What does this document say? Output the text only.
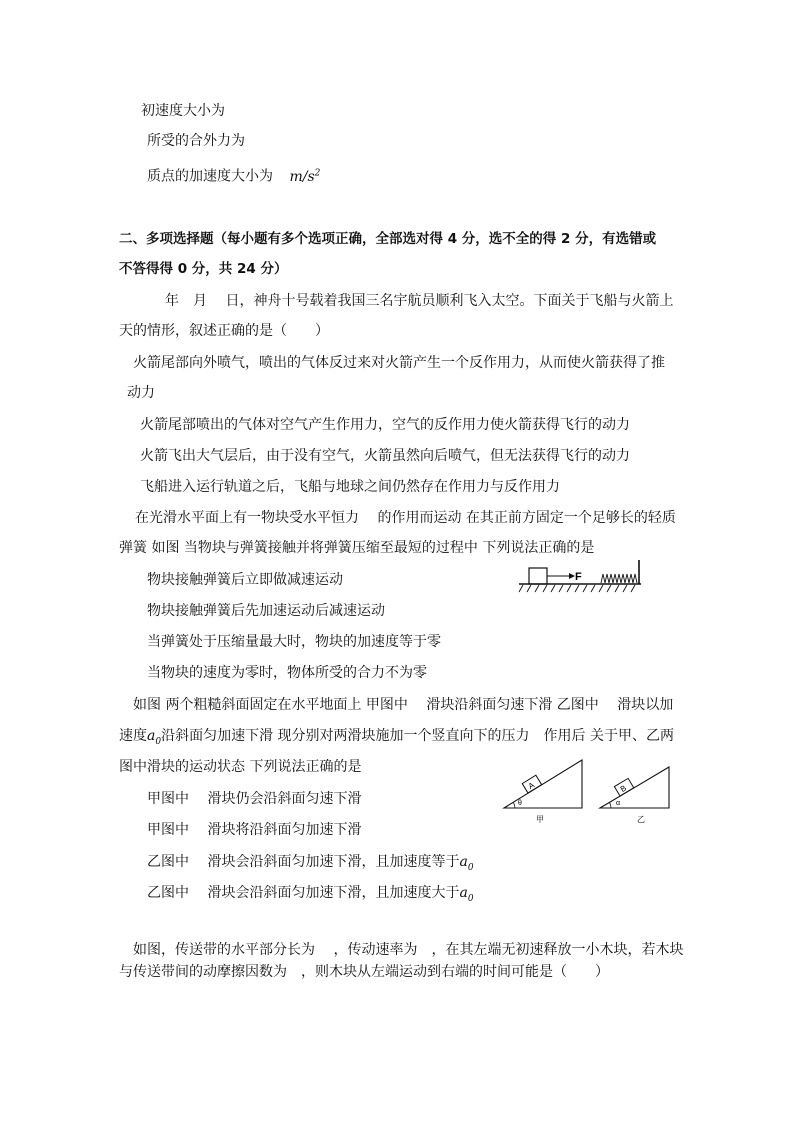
初速度大小为
所受的合外力为
质点的加速度大小为 $m/s^2$
二、多项选择题（每小题有多个选项正确，全部选对得 4 分，选不全的得 2 分，有选错或
不答得得 0 分，共 24 分）
年　月　 日，神舟十号载着我国三名宇航员顺利飞入太空。下面关于飞船与火箭上
天的情形，叙述正确的是（　　）
火箭尾部向外喷气，喷出的气体反过来对火箭产生一个反作用力，从而使火箭获得了推
动力
火箭尾部喷出的气体对空气产生作用力，空气的反作用力使火箭获得飞行的动力
火箭飞出大气层后，由于没有空气，火箭虽然向后喷气，但无法获得飞行的动力
飞船进入运行轨道之后，飞船与地球之间仍然存在作用力与反作用力
在光滑水平面上有一物块受水平恒力　 的作用而运动 在其正前方固定一个足够长的轻质
弹簧 如图 当物块与弹簧接触并将弹簧压缩至最短的过程中 下列说法正确的是
物块接触弹簧后立即做减速运动
物块接触弹簧后先加速运动后减速运动
当弹簧处于压缩量最大时，物块的加速度等于零
当物块的速度为零时，物体所受的合力不为零
F
如图 两个粗糙斜面固定在水平地面上 甲图中　 滑块沿斜面匀速下滑 乙图中　 滑块以加
速度$a_0$沿斜面匀加速下滑 现分别对两滑块施加一个竖直向下的压力　作用后 关于甲、乙两
图中滑块的运动状态 下列说法正确的是
甲图中　 滑块仍会沿斜面匀速下滑
甲图中　 滑块将沿斜面匀加速下滑
乙图中　 滑块会沿斜面匀加速下滑，且加速度等于$a_0$
乙图中　 滑块会沿斜面匀加速下滑，且加速度大于$a_0$
A
θ
甲
B
α
乙
如图，传送带的水平部分长为　 ，传动速率为　，在其左端无初速释放一小木块，若木块
与传送带间的动摩擦因数为　，则木块从左端运动到右端的时间可能是（　　）
